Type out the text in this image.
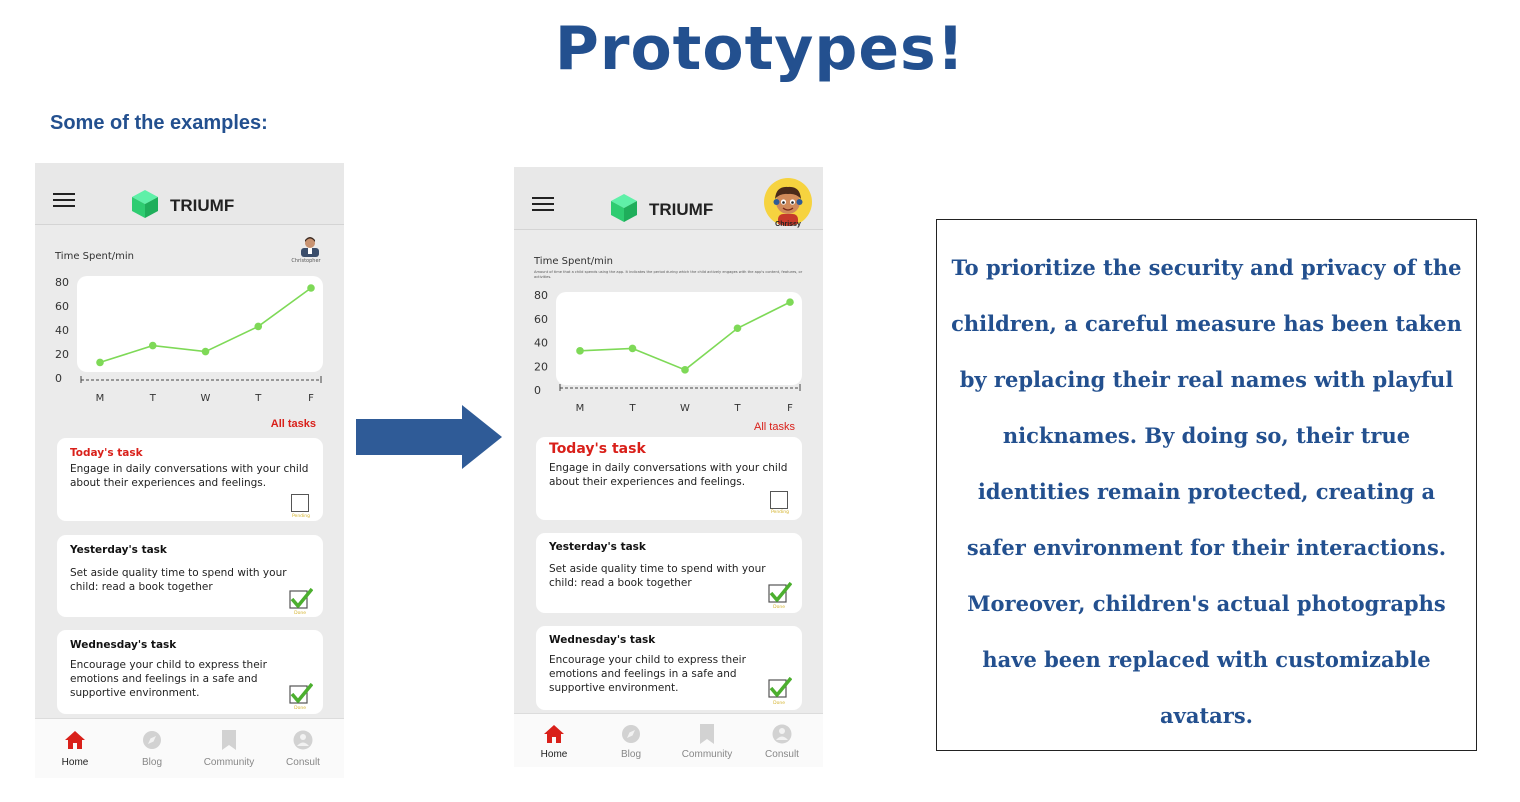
Prototypes!
Some of the examples:
TRIUMF
Christopher
Time Spent/min
80
60
40
20
0
M	T	W	T	F
All tasks
Today's task
Engage in daily conversations with your child about their experiences and feelings.
Pending
Yesterday's task
Set aside quality time to spend with your child: read a book together
Done
Wednesday's task
Encourage your child to express their emotions and feelings in a safe and supportive environment.
Done
Home	Blog	Community	Consult
TRIUMF
Chrissy
Time Spent/min
Amount of time that a child spends using the app. It indicates the period during which the child actively engages with the app's content, features, or activities.
80
60
40
20
0
M	T	W	T	F
All tasks
Today's task
Engage in daily conversations with your child about their experiences and feelings.
Pending
Yesterday's task
Set aside quality time to spend with your child: read a book together
Done
Wednesday's task
Encourage your child to express their emotions and feelings in a safe and supportive environment.
Done
Home	Blog	Community	Consult

To prioritize the security and privacy of the children, a careful measure has been taken by replacing their real names with playful nicknames. By doing so, their true identities remain protected, creating a safer environment for their interactions. Moreover, children's actual photographs have been replaced with customizable avatars.
